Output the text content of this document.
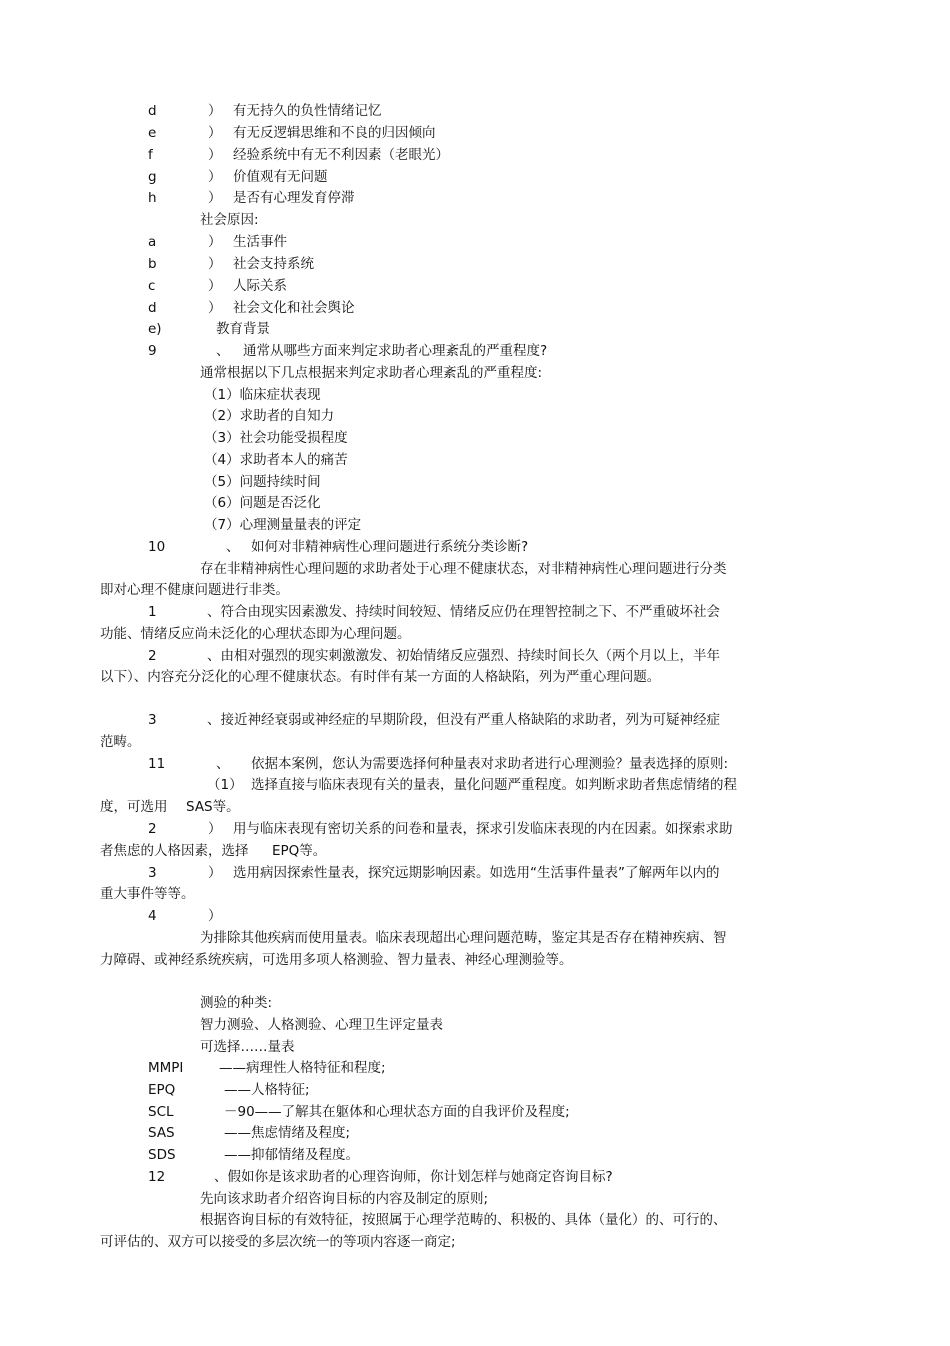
d	） 有无持久的负性情绪记忆
e	） 有无反逻辑思维和不良的归因倾向
f	） 经验系统中有无不利因素（老眼光）
g	） 价值观有无问题
h	） 是否有心理发育停滞
社会原因:
a	） 生活事件
b	） 社会支持系统
c	） 人际关系
d	） 社会文化和社会舆论
e)	教育背景
9	、 通常从哪些方面来判定求助者心理紊乱的严重程度?
通常根据以下几点根据来判定求助者心理紊乱的严重程度:
（1）临床症状表现
（2）求助者的自知力
（3）社会功能受损程度
（4）求助者本人的痛苦
（5）问题持续时间
（6）问题是否泛化
（7）心理测量量表的评定
10	、 如何对非精神病性心理问题进行系统分类诊断?
存在非精神病性心理问题的求助者处于心理不健康状态，对非精神病性心理问题进行分类
即对心理不健康问题进行非类。
1	、符合由现实因素激发、持续时间较短、情绪反应仍在理智控制之下、不严重破坏社会
功能、情绪反应尚未泛化的心理状态即为心理问题。
2	、由相对强烈的现实刺激激发、初始情绪反应强烈、持续时间长久（两个月以上，半年
以下）、内容充分泛化的心理不健康状态。有时伴有某一方面的人格缺陷，列为严重心理问题。
3	、接近神经衰弱或神经症的早期阶段，但没有严重人格缺陷的求助者，列为可疑神经症
范畴。
11	、 依据本案例，您认为需要选择何种量表对求助者进行心理测验？量表选择的原则:
（1） 选择直接与临床表现有关的量表，量化问题严重程度。如判断求助者焦虑情绪的程
度，可选用 SAS等。
2	） 用与临床表现有密切关系的问卷和量表，探求引发临床表现的内在因素。如探索求助
者焦虑的人格因素，选择 EPQ等。
3	） 选用病因探索性量表，探究远期影响因素。如选用“生活事件量表”了解两年以内的
重大事件等等。
4	）
为排除其他疾病而使用量表。临床表现超出心理问题范畴，鉴定其是否存在精神疾病、智
力障碍、或神经系统疾病，可选用多项人格测验、智力量表、神经心理测验等。
测验的种类:
智力测验、人格测验、心理卫生评定量表
可选择……量表
MMPI	——病理性人格特征和程度;
EPQ	——人格特征;
SCL	－90——了解其在躯体和心理状态方面的自我评价及程度;
SAS	——焦虑情绪及程度;
SDS	——抑郁情绪及程度。
12	、假如你是该求助者的心理咨询师，你计划怎样与她商定咨询目标?
先向该求助者介绍咨询目标的内容及制定的原则;
根据咨询目标的有效特征，按照属于心理学范畴的、积极的、具体（量化）的、可行的、
可评估的、双方可以接受的多层次统一的等项内容逐一商定;
